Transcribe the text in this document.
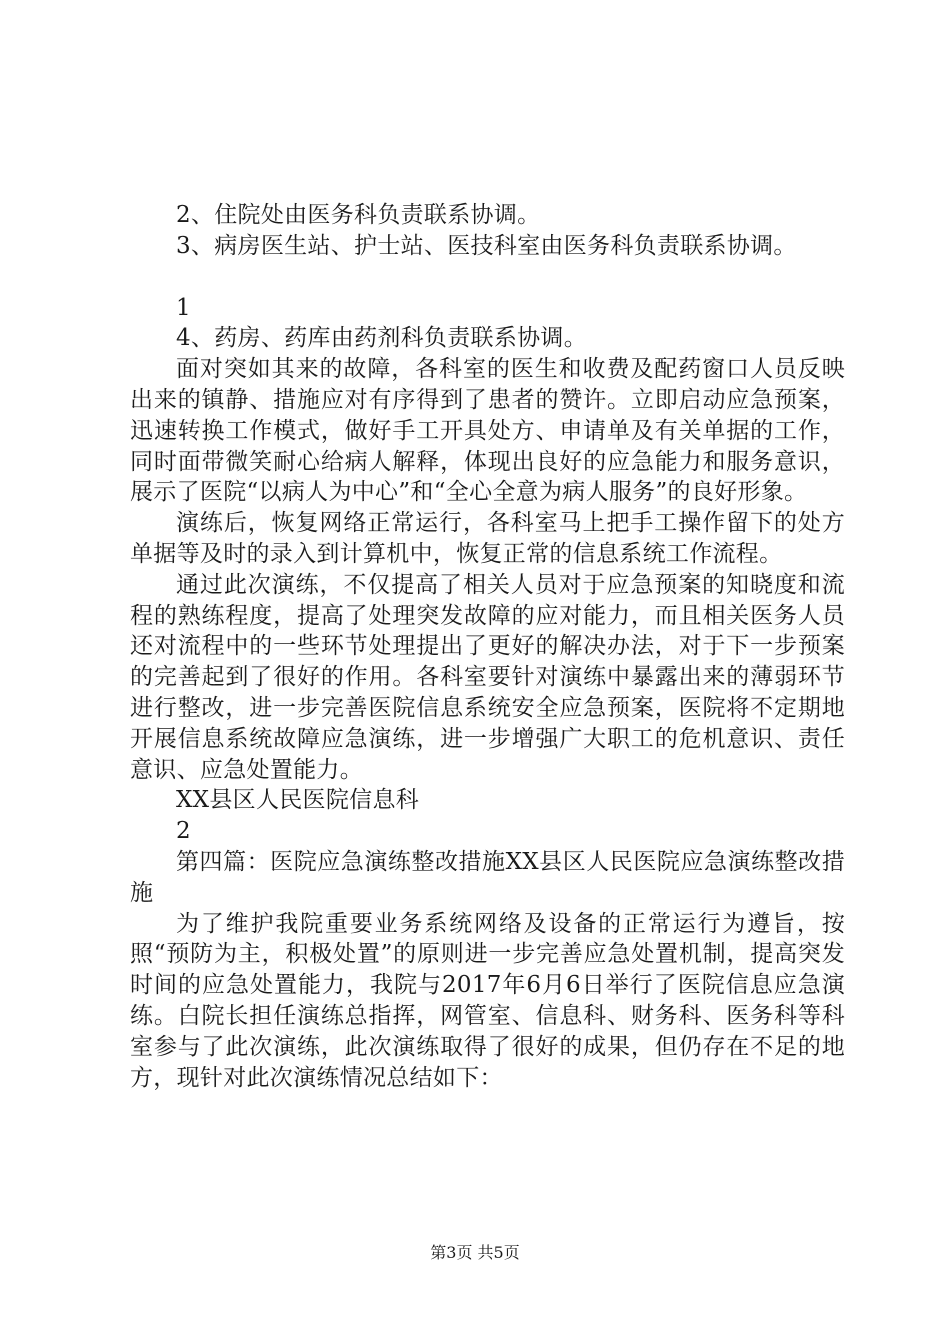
2、住院处由医务科负责联系协调。

3、病房医生站、护士站、医技科室由医务科负责联系协调。

1

4、药房、药库由药剂科负责联系协调。

面对突如其来的故障，各科室的医生和收费及配药窗口人员反映出来的镇静、措施应对有序得到了患者的赞许。立即启动应急预案，迅速转换工作模式，做好手工开具处方、申请单及有关单据的工作，同时面带微笑耐心给病人解释，体现出良好的应急能力和服务意识，展示了医院“以病人为中心”和“全心全意为病人服务”的良好形象。

演练后，恢复网络正常运行，各科室马上把手工操作留下的处方单据等及时的录入到计算机中，恢复正常的信息系统工作流程。

通过此次演练，不仅提高了相关人员对于应急预案的知晓度和流程的熟练程度，提高了处理突发故障的应对能力，而且相关医务人员还对流程中的一些环节处理提出了更好的解决办法，对于下一步预案的完善起到了很好的作用。各科室要针对演练中暴露出来的薄弱环节进行整改，进一步完善医院信息系统安全应急预案，医院将不定期地开展信息系统故障应急演练，进一步增强广大职工的危机意识、责任意识、应急处置能力。

XX县区人民医院信息科

2

第四篇：医院应急演练整改措施XX县区人民医院应急演练整改措施

为了维护我院重要业务系统网络及设备的正常运行为遵旨，按照“预防为主，积极处置”的原则进一步完善应急处置机制，提高突发时间的应急处置能力，我院与2017年6月6日举行了医院信息应急演练。白院长担任演练总指挥，网管室、信息科、财务科、医务科等科室参与了此次演练，此次演练取得了很好的成果，但仍存在不足的地方，现针对此次演练情况总结如下：

第3页 共5页
